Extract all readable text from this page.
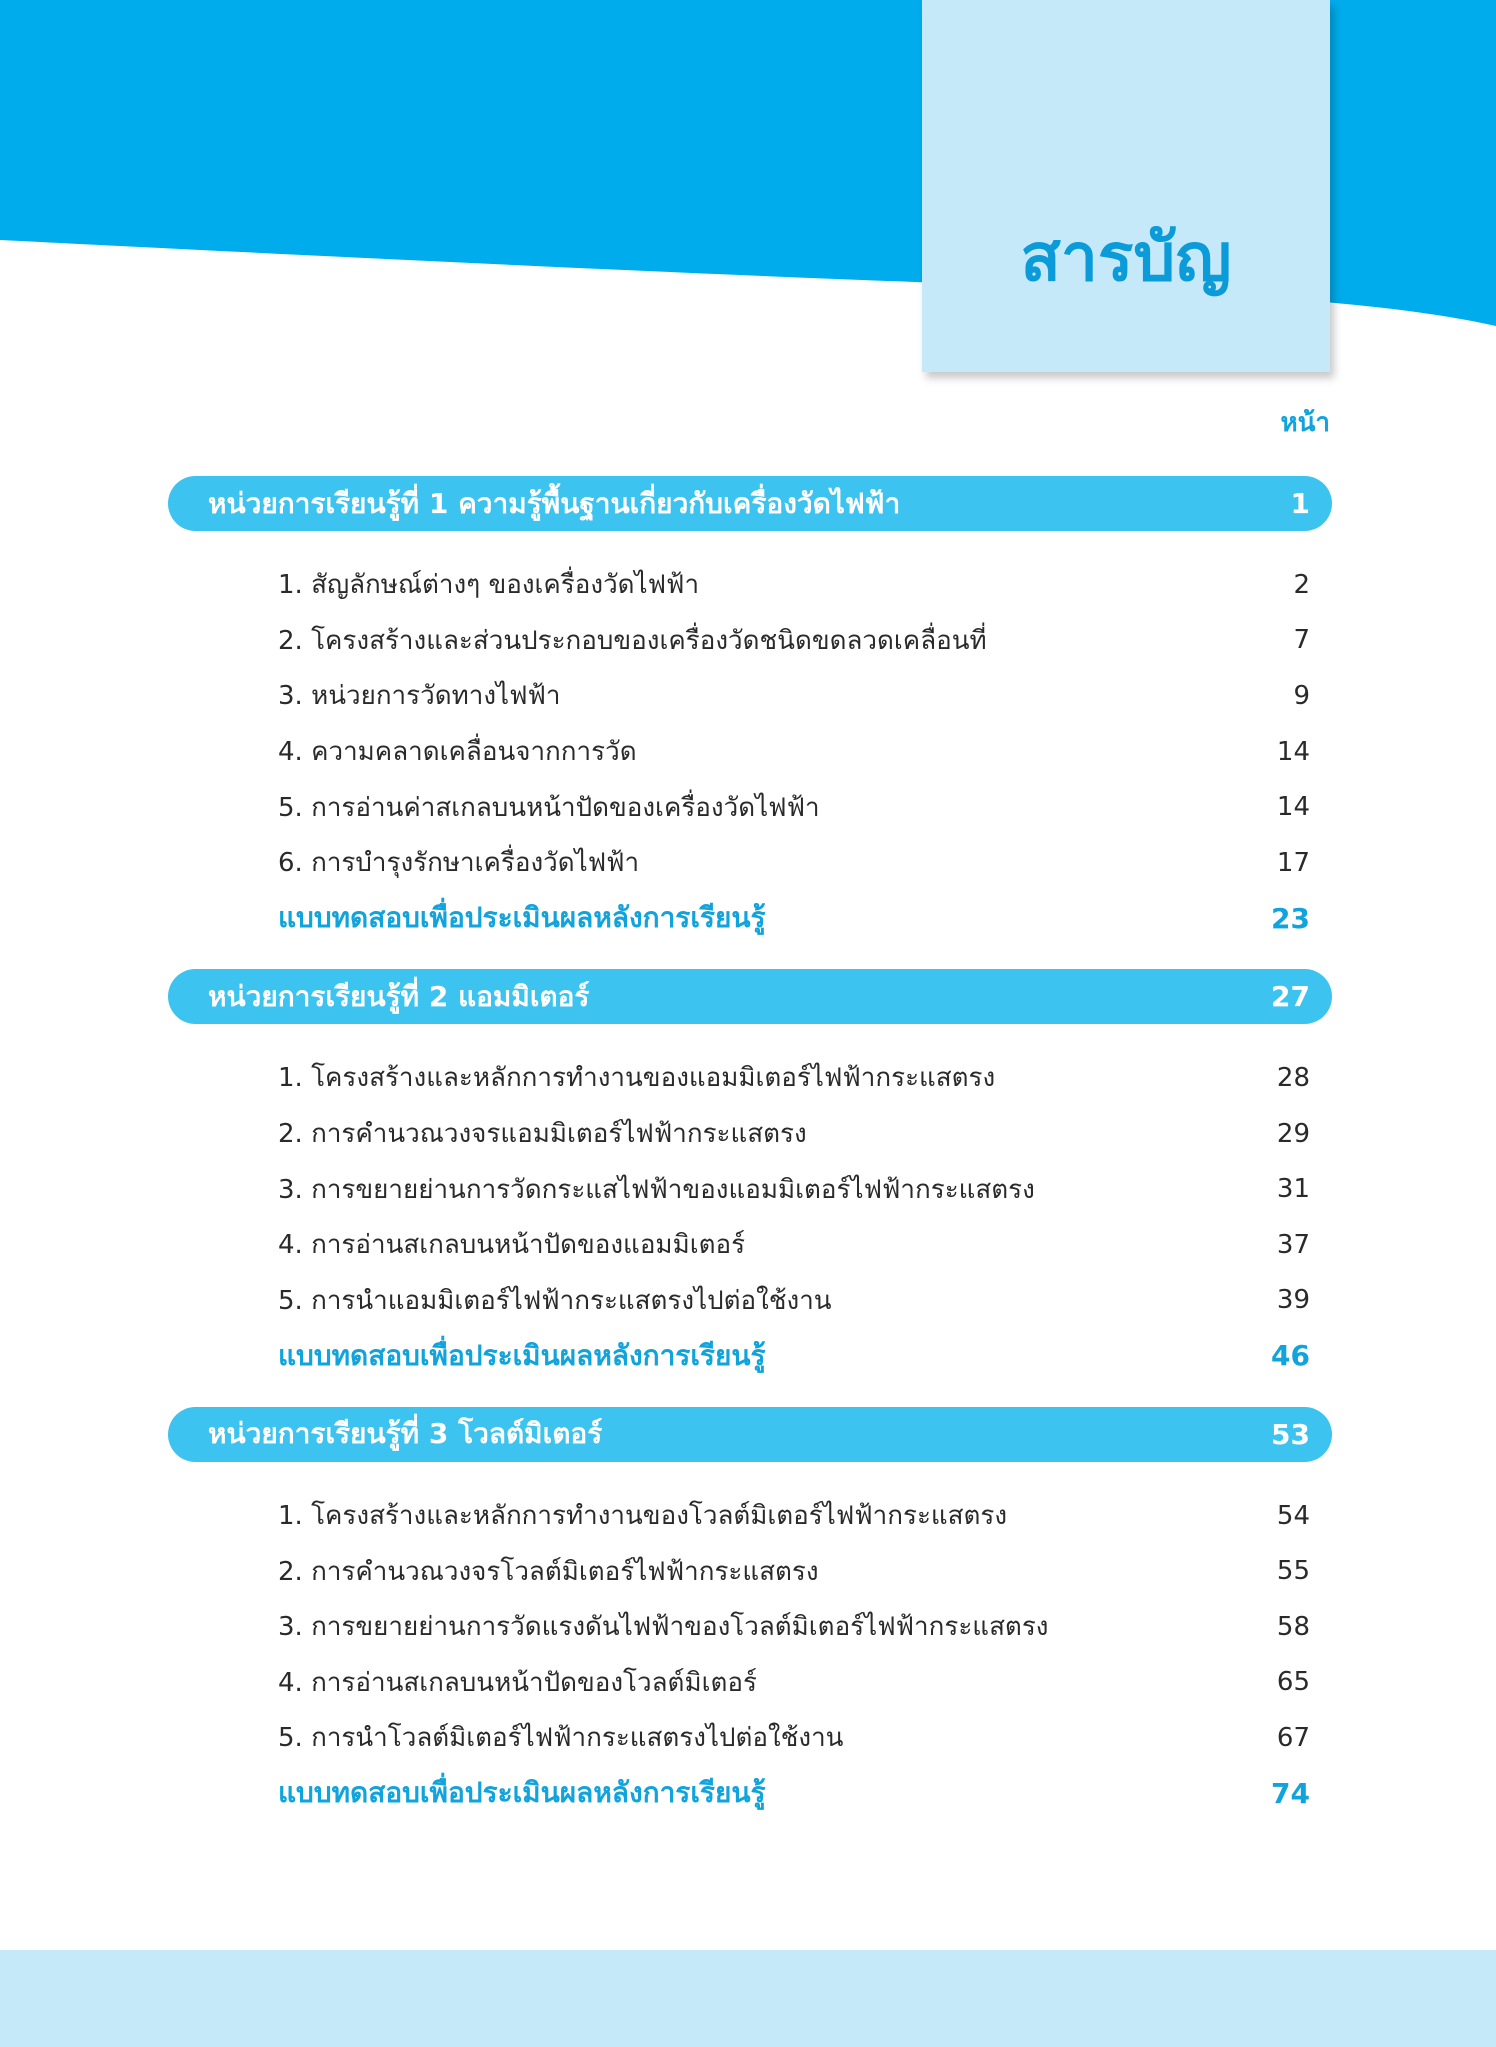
สารบัญ
หน้า
หน่วยการเรียนรู้ที่ 1 ความรู้พื้นฐานเกี่ยวกับเครื่องวัดไฟฟ้า	1
1. สัญลักษณ์ต่างๆ ของเครื่องวัดไฟฟ้า	2
2. โครงสร้างและส่วนประกอบของเครื่องวัดชนิดขดลวดเคลื่อนที่	7
3. หน่วยการวัดทางไฟฟ้า	9
4. ความคลาดเคลื่อนจากการวัด	14
5. การอ่านค่าสเกลบนหน้าปัดของเครื่องวัดไฟฟ้า	14
6. การบำรุงรักษาเครื่องวัดไฟฟ้า	17
แบบทดสอบเพื่อประเมินผลหลังการเรียนรู้	23
หน่วยการเรียนรู้ที่ 2 แอมมิเตอร์	27
1. โครงสร้างและหลักการทำงานของแอมมิเตอร์ไฟฟ้ากระแสตรง	28
2. การคำนวณวงจรแอมมิเตอร์ไฟฟ้ากระแสตรง	29
3. การขยายย่านการวัดกระแสไฟฟ้าของแอมมิเตอร์ไฟฟ้ากระแสตรง	31
4. การอ่านสเกลบนหน้าปัดของแอมมิเตอร์	37
5. การนำแอมมิเตอร์ไฟฟ้ากระแสตรงไปต่อใช้งาน	39
แบบทดสอบเพื่อประเมินผลหลังการเรียนรู้	46
หน่วยการเรียนรู้ที่ 3 โวลต์มิเตอร์	53
1. โครงสร้างและหลักการทำงานของโวลต์มิเตอร์ไฟฟ้ากระแสตรง	54
2. การคำนวณวงจรโวลต์มิเตอร์ไฟฟ้ากระแสตรง	55
3. การขยายย่านการวัดแรงดันไฟฟ้าของโวลต์มิเตอร์ไฟฟ้ากระแสตรง	58
4. การอ่านสเกลบนหน้าปัดของโวลต์มิเตอร์	65
5. การนำโวลต์มิเตอร์ไฟฟ้ากระแสตรงไปต่อใช้งาน	67
แบบทดสอบเพื่อประเมินผลหลังการเรียนรู้	74
